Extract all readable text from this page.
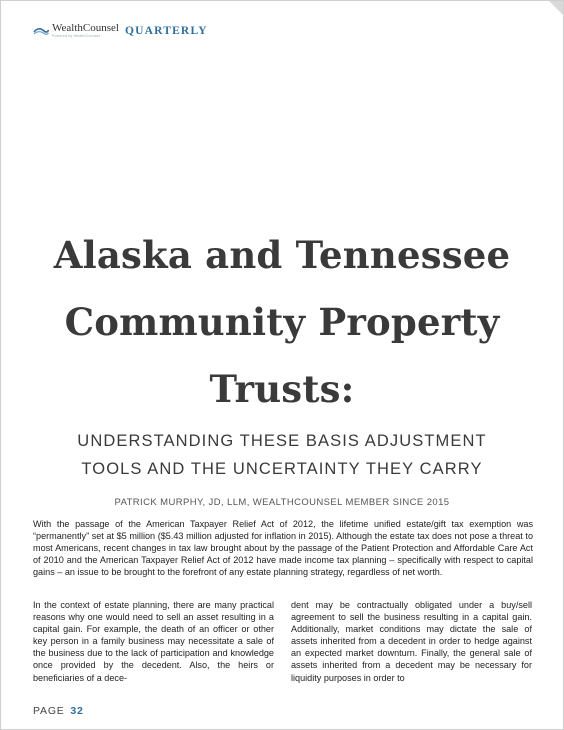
WealthCounsel
Powered by WealthCounsel	QUARTERLY
Alaska and Tennessee
Community Property
Trusts:
UNDERSTANDING THESE BASIS ADJUSTMENT
TOOLS AND THE UNCERTAINTY THEY CARRY
PATRICK MURPHY, JD, LLM, WEALTHCOUNSEL MEMBER SINCE 2015

With the passage of the American Taxpayer Relief Act of 2012, the lifetime unified estate/gift tax exemption was “permanently” set at $5 million ($5.43 million adjusted for inflation in 2015). Although the estate tax does not pose a threat to most Americans, recent changes in tax law brought about by the passage of the Patient Protection and Affordable Care Act of 2010 and the American Taxpayer Relief Act of 2012 have made income tax planning – specifically with respect to capital gains – an issue to be brought to the forefront of any estate planning strategy, regardless of net worth.

In the context of estate planning, there are many practical reasons why one would need to sell an asset resulting in a capital gain. For example, the death of an officer or other key person in a family business may necessitate a sale of the business due to the lack of participation and knowledge once provided by the decedent. Also, the heirs or beneficiaries of a dece-

dent may be contractually obligated under a buy/sell agreement to sell the business resulting in a capital gain. Additionally, market conditions may dictate the sale of assets inherited from a decedent in order to hedge against an expected market downturn. Finally, the general sale of assets inherited from a decedent may be necessary for liquidity purposes in order to

PAGE 32
